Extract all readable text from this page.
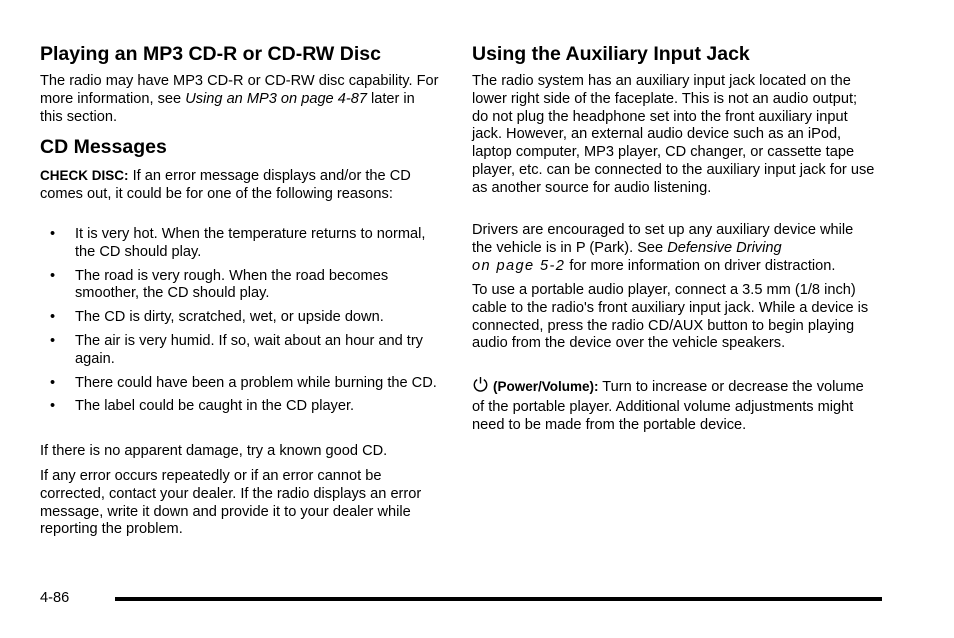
Playing an MP3 CD-R or CD-RW Disc

The radio may have MP3 CD-R or CD-RW disc capability. For more information, see Using an MP3 on page 4-87 later in this section.

CD Messages

CHECK DISC: If an error message displays and/or the CD comes out, it could be for one of the following reasons:

• It is very hot. When the temperature returns to normal, the CD should play.
• The road is very rough. When the road becomes smoother, the CD should play.
• The CD is dirty, scratched, wet, or upside down.
• The air is very humid. If so, wait about an hour and try again.
• There could have been a problem while burning the CD.
• The label could be caught in the CD player.

If there is no apparent damage, try a known good CD.

If any error occurs repeatedly or if an error cannot be corrected, contact your dealer. If the radio displays an error message, write it down and provide it to your dealer while reporting the problem.

Using the Auxiliary Input Jack

The radio system has an auxiliary input jack located on the lower right side of the faceplate. This is not an audio output; do not plug the headphone set into the front auxiliary input jack. However, an external audio device such as an iPod, laptop computer, MP3 player, CD changer, or cassette tape player, etc. can be connected to the auxiliary input jack for use as another source for audio listening.

Drivers are encouraged to set up any auxiliary device while the vehicle is in P (Park). See Defensive Driving
on page 5-2 for more information on driver distraction.

To use a portable audio player, connect a 3.5 mm (1/8 inch) cable to the radio's front auxiliary input jack. While a device is connected, press the radio CD/AUX button to begin playing audio from the device over the vehicle speakers.

(Power/Volume): Turn to increase or decrease the volume of the portable player. Additional volume adjustments might need to be made from the portable device.

4-86
